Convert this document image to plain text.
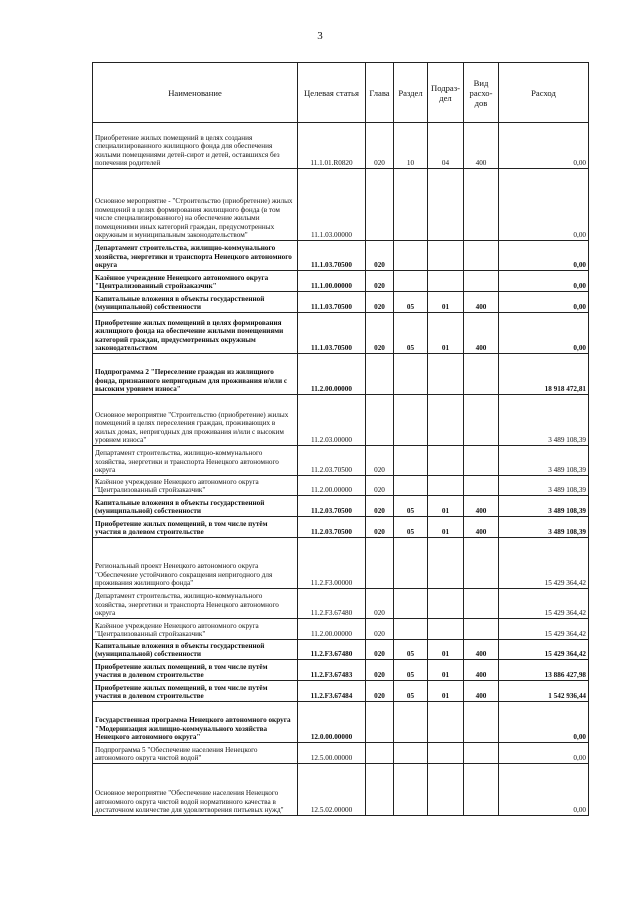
3
Наименование	Целевая статья	Глава	Раздел	Подраз-дел	Вид расхо-дов	Расход
Приобретение жилых помещений в целях создания специализированного жилищного фонда для обеспечения жилыми помещениями детей-сирот и детей, оставшихся без попечения родителей	11.1.01.R0820	020	10	04	400	0,00
Основное мероприятие - "Строительство (приобретение) жилых помещений в целях формирования жилищного фонда (в том числе специализированного) на обеспечение жилыми помещениями иных категорий граждан, предусмотренных окружным и муниципальным законодательством"	11.1.03.00000					0,00
Департамент строительства, жилищно-коммунального хозяйства, энергетики и транспорта Ненецкого автономного округа	11.1.03.70500	020				0,00
Казённое учреждение Ненецкого автономного округа "Централизованный стройзаказчик"	11.1.00.00000	020				0,00
Капитальные вложения в объекты государственной (муниципальной) собственности	11.1.03.70500	020	05	01	400	0,00
Приобретение жилых помещений в целях формирования жилищного фонда на обеспечение жилыми помещениями категорий граждан, предусмотренных окружным законодательством	11.1.03.70500	020	05	01	400	0,00
Подпрограмма 2 "Переселение граждан из жилищного фонда, признанного непригодным для проживания и/или с высоким уровнем износа"	11.2.00.00000					18 918 472,81
Основное мероприятие "Строительство (приобретение) жилых помещений в целях переселения граждан, проживающих в жилых домах, непригодных для проживания и/или с высоким уровнем износа"	11.2.03.00000					3 489 108,39
Департамент строительства, жилищно-коммунального хозяйства, энергетики и транспорта Ненецкого автономного округа	11.2.03.70500	020				3 489 108,39
Казённое учреждение Ненецкого автономного округа "Централизованный стройзаказчик"	11.2.00.00000	020				3 489 108,39
Капитальные вложения в объекты государственной (муниципальной) собственности	11.2.03.70500	020	05	01	400	3 489 108,39
Приобретение жилых помещений, в том числе путём участия в долевом строительстве	11.2.03.70500	020	05	01	400	3 489 108,39
Региональный проект Ненецкого автономного округа "Обеспечение устойчивого сокращения непригодного для проживания жилищного фонда"	11.2.F3.00000					15 429 364,42
Департамент строительства, жилищно-коммунального хозяйства, энергетики и транспорта Ненецкого автономного округа	11.2.F3.67480	020				15 429 364,42
Казённое учреждение Ненецкого автономного округа "Централизованный стройзаказчик"	11.2.00.00000	020				15 429 364,42
Капитальные вложения в объекты государственной (муниципальной) собственности	11.2.F3.67480	020	05	01	400	15 429 364,42
Приобретение жилых помещений, в том числе путём участия в долевом строительстве	11.2.F3.67483	020	05	01	400	13 886 427,98
Приобретение жилых помещений, в том числе путём участия в долевом строительстве	11.2.F3.67484	020	05	01	400	1 542 936,44
Государственная программа Ненецкого автономного округа "Модернизация жилищно-коммунального хозяйства Ненецкого автономного округа"	12.0.00.00000					0,00
Подпрограмма 5 "Обеспечение населения Ненецкого автономного округа чистой водой"	12.5.00.00000					0,00
Основное мероприятие "Обеспечение населения Ненецкого автономного округа чистой водой нормативного качества в достаточном количестве для удовлетворения питьевых нужд"	12.5.02.00000					0,00
